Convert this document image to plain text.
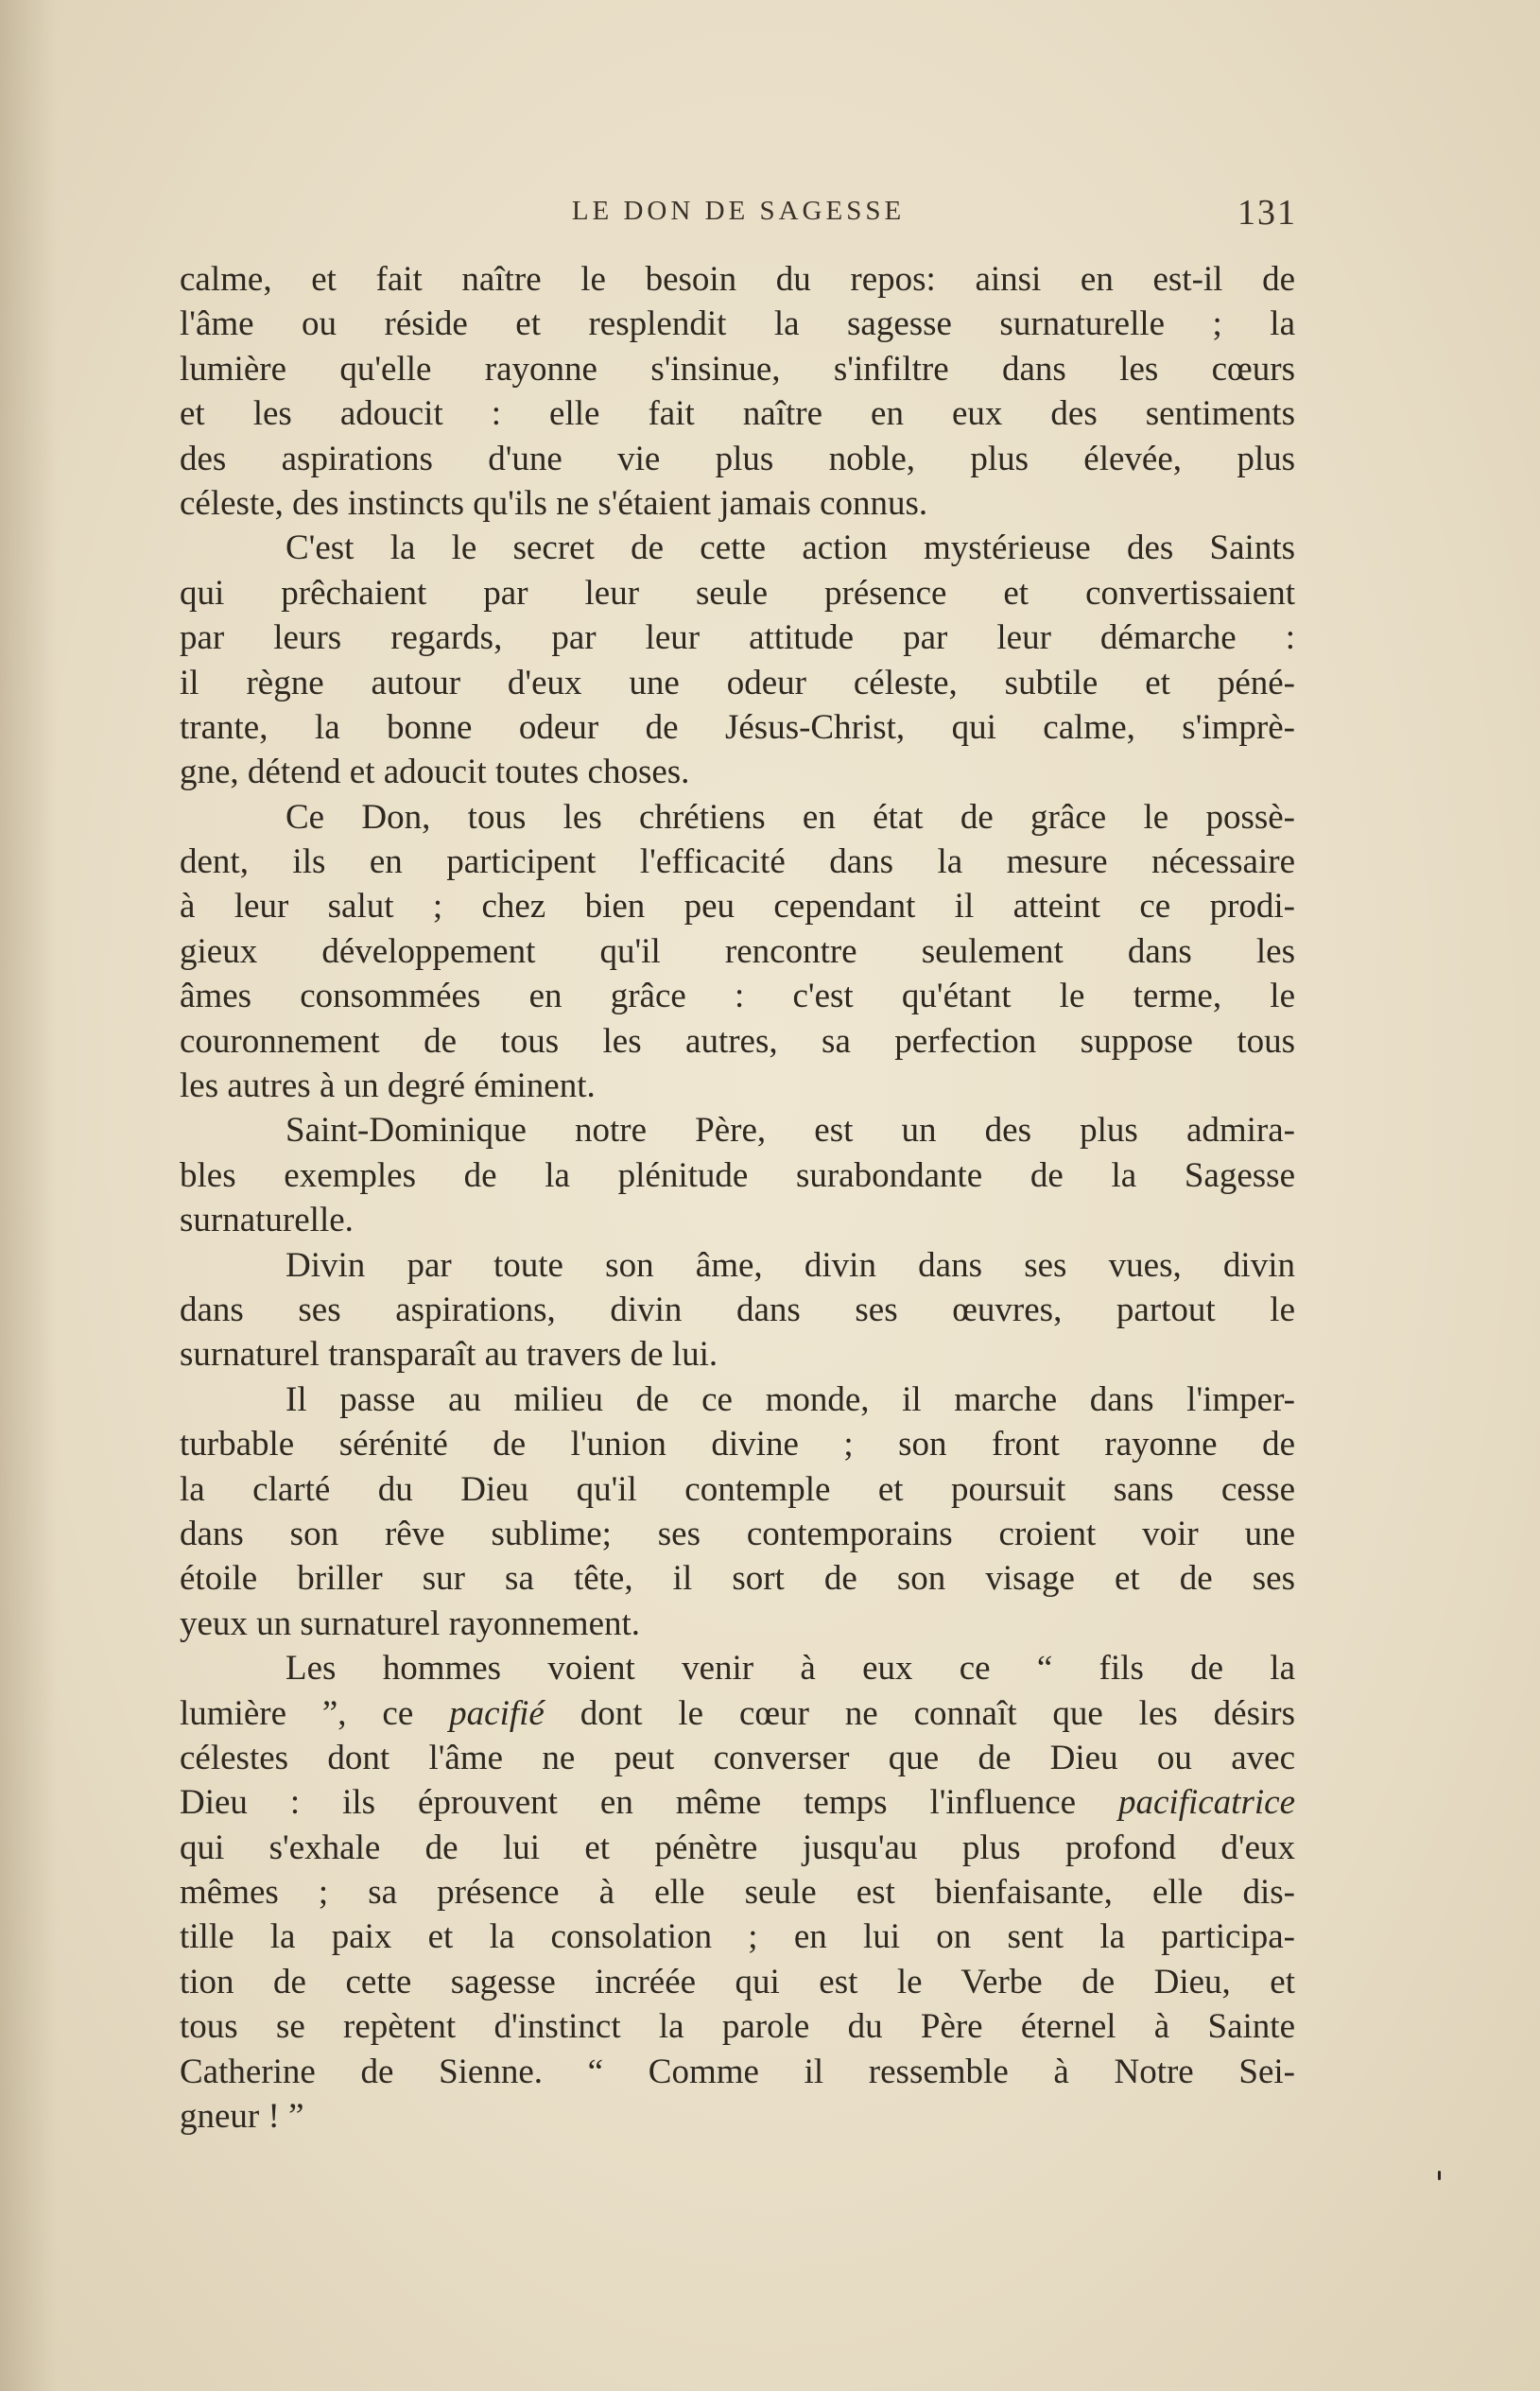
LE DON DE SAGESSE	131
calme, et fait naître le besoin du repos: ainsi en est-il de
l'âme ou réside et resplendit la sagesse surnaturelle ; la
lumière qu'elle rayonne s'insinue, s'infiltre dans les cœurs
et les adoucit : elle fait naître en eux des sentiments
des aspirations d'une vie plus noble, plus élevée, plus
céleste, des instincts qu'ils ne s'étaient jamais connus.
C'est la le secret de cette action mystérieuse des Saints
qui prêchaient par leur seule présence et convertissaient
par leurs regards, par leur attitude par leur démarche :
il règne autour d'eux une odeur céleste, subtile et péné-
trante, la bonne odeur de Jésus-Christ, qui calme, s'imprè-
gne, détend et adoucit toutes choses.
Ce Don, tous les chrétiens en état de grâce le possè-
dent, ils en participent l'efficacité dans la mesure nécessaire
à leur salut ; chez bien peu cependant il atteint ce prodi-
gieux développement qu'il rencontre seulement dans les
âmes consommées en grâce : c'est qu'étant le terme, le
couronnement de tous les autres, sa perfection suppose tous
les autres à un degré éminent.
Saint-Dominique notre Père, est un des plus admira-
bles exemples de la plénitude surabondante de la Sagesse
surnaturelle.
Divin par toute son âme, divin dans ses vues, divin
dans ses aspirations, divin dans ses œuvres, partout le
surnaturel transparaît au travers de lui.
Il passe au milieu de ce monde, il marche dans l'imper-
turbable sérénité de l'union divine ; son front rayonne de
la clarté du Dieu qu'il contemple et poursuit sans cesse
dans son rêve sublime; ses contemporains croient voir une
étoile briller sur sa tête, il sort de son visage et de ses
yeux un surnaturel rayonnement.
Les hommes voient venir à eux ce “ fils de la
lumière ”, ce pacifié dont le cœur ne connaît que les désirs
célestes dont l'âme ne peut converser que de Dieu ou avec
Dieu : ils éprouvent en même temps l'influence pacificatrice
qui s'exhale de lui et pénètre jusqu'au plus profond d'eux
mêmes ; sa présence à elle seule est bienfaisante, elle dis-
tille la paix et la consolation ; en lui on sent la participa-
tion de cette sagesse incréée qui est le Verbe de Dieu, et
tous se repètent d'instinct la parole du Père éternel à Sainte
Catherine de Sienne. “ Comme il ressemble à Notre Sei-
gneur ! ”
